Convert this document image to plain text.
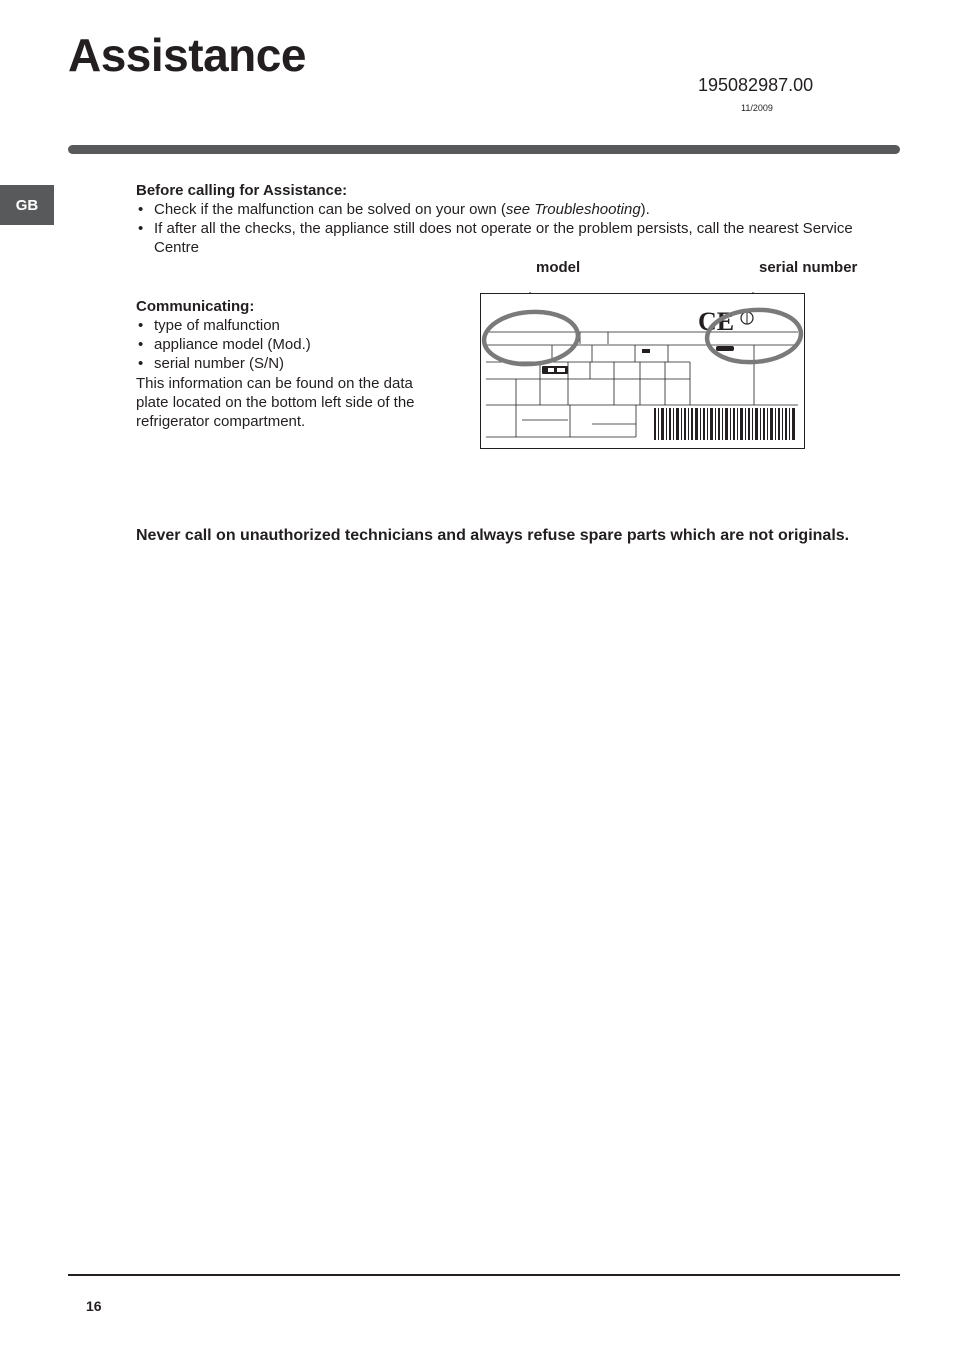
Assistance
195082987.00
11/2009
GB
Before calling for Assistance:
• Check if the malfunction can be solved on your own (see Troubleshooting).
• If after all the checks, the appliance still does not operate or the problem persists, call the nearest Service Centre
Communicating:
• type of malfunction
• appliance model (Mod.)
• serial number (S/N)

This information can be found on the data plate located on the bottom left side of the refrigerator compartment.

model	serial number
CE

Never call on unauthorized technicians and always refuse spare parts which are not originals.

16
